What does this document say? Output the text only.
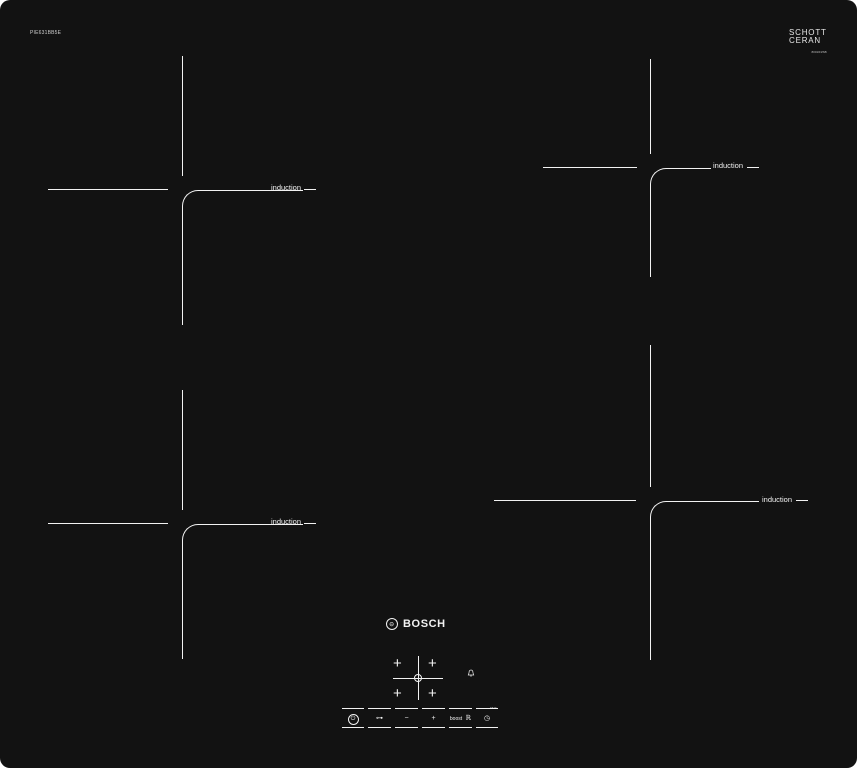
PIE631BB5E	SCHOTT
CERAN
8001IFZSB
induction
induction
induction
induction
⊖ BOSCH
+ +
+ +
⏻	⊶	−	+	boost ℝ	◷
